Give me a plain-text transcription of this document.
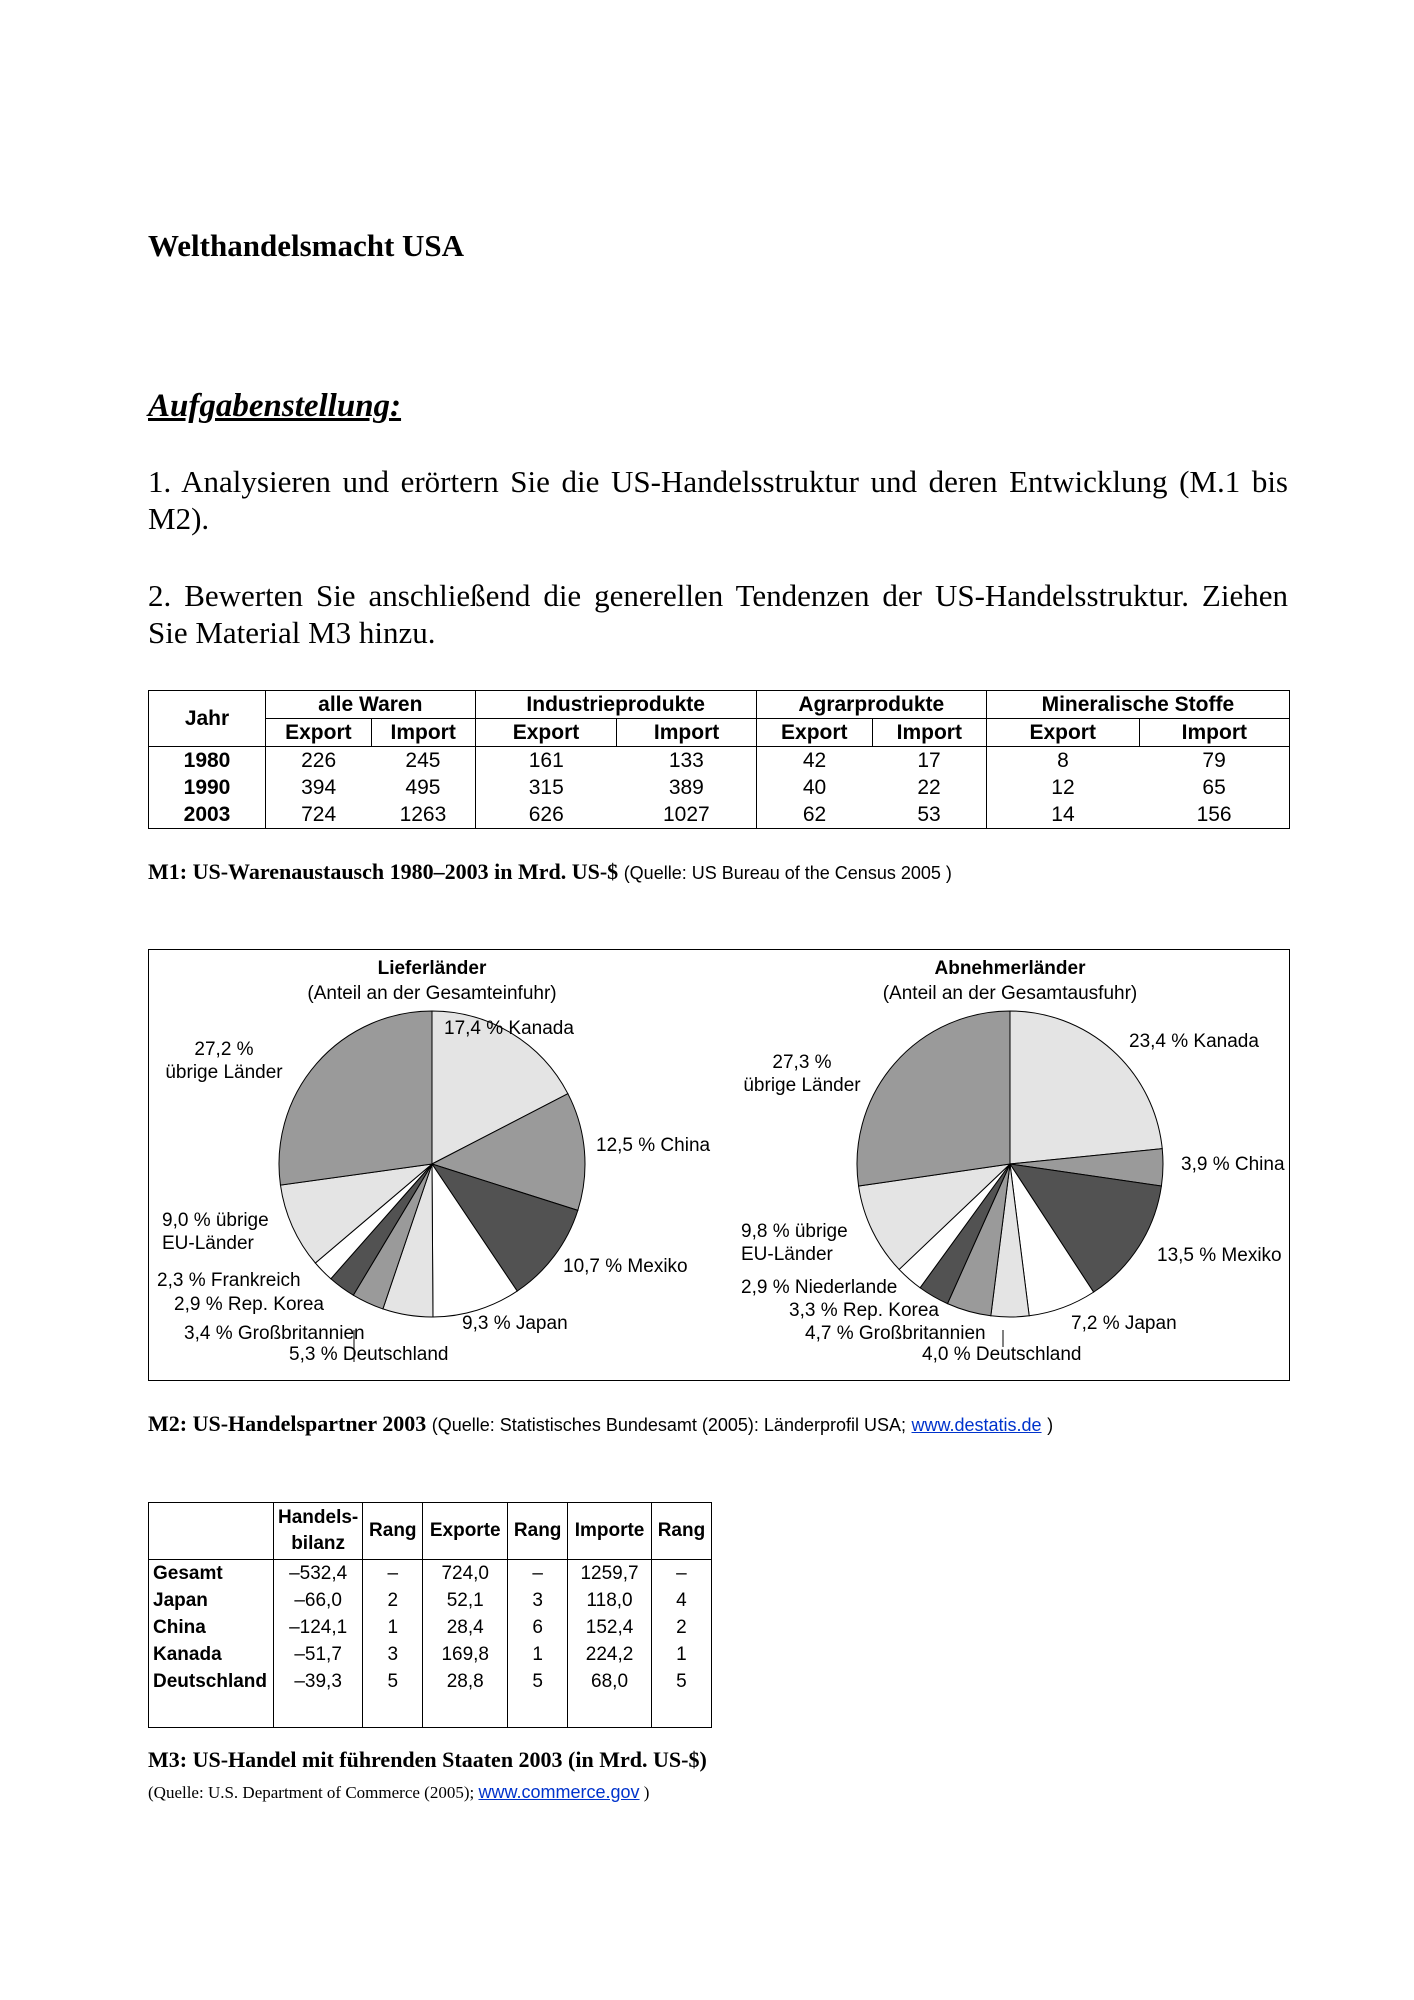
Welthandelsmacht USA
Aufgabenstellung:
1. Analysieren und erörtern Sie die US-Handelsstruktur und deren Entwicklung (M.1 bis M2).
2. Bewerten Sie anschließend die generellen Tendenzen der US-Handelsstruktur. Ziehen Sie Material M3 hinzu.
Jahr	alle Waren		Industrieprodukte		Agrarprodukte		Mineralische Stoffe	
	Export	Import	Export	Import	Export	Import	Export	Import
1980	226	245	161	133	42	17	8	79
1990	394	495	315	389	40	22	12	65
2003	724	1263	626	1027	62	53	14	156
M1: US-Warenaustausch 1980–2003 in Mrd. US-$ (Quelle: US Bureau of the Census 2005 )
Lieferländer
(Anteil an der Gesamteinfuhr)
Abnehmerländer
(Anteil an der Gesamtausfuhr)
17,4 % Kanada
12,5 % China
10,7 % Mexiko
9,3 % Japan
5,3 % Deutschland
3,4 % Großbritannien
2,9 % Rep. Korea
2,3 % Frankreich
9,0 % übrige
EU-Länder
27,2 %
übrige Länder
23,4 % Kanada
3,9 % China
13,5 % Mexiko
7,2 % Japan
4,0 % Deutschland
4,7 % Großbritannien
3,3 % Rep. Korea
2,9 % Niederlande
9,8 % übrige
EU-Länder
27,3 %
übrige Länder
M2: US-Handelspartner 2003 (Quelle: Statistisches Bundesamt (2005): Länderprofil USA; www.destatis.de )
	Handels-
bilanz	Rang	Exporte	Rang	Importe	Rang
Gesamt	–532,4	–	724,0	–	1259,7	–
Japan	–66,0	2	52,1	3	118,0	4
China	–124,1	1	28,4	6	152,4	2
Kanada	–51,7	3	169,8	1	224,2	1
Deutschland	–39,3	5	28,8	5	68,0	5

M3: US-Handel mit führenden Staaten 2003 (in Mrd. US-$)
(Quelle: U.S. Department of Commerce (2005); www.commerce.gov )
